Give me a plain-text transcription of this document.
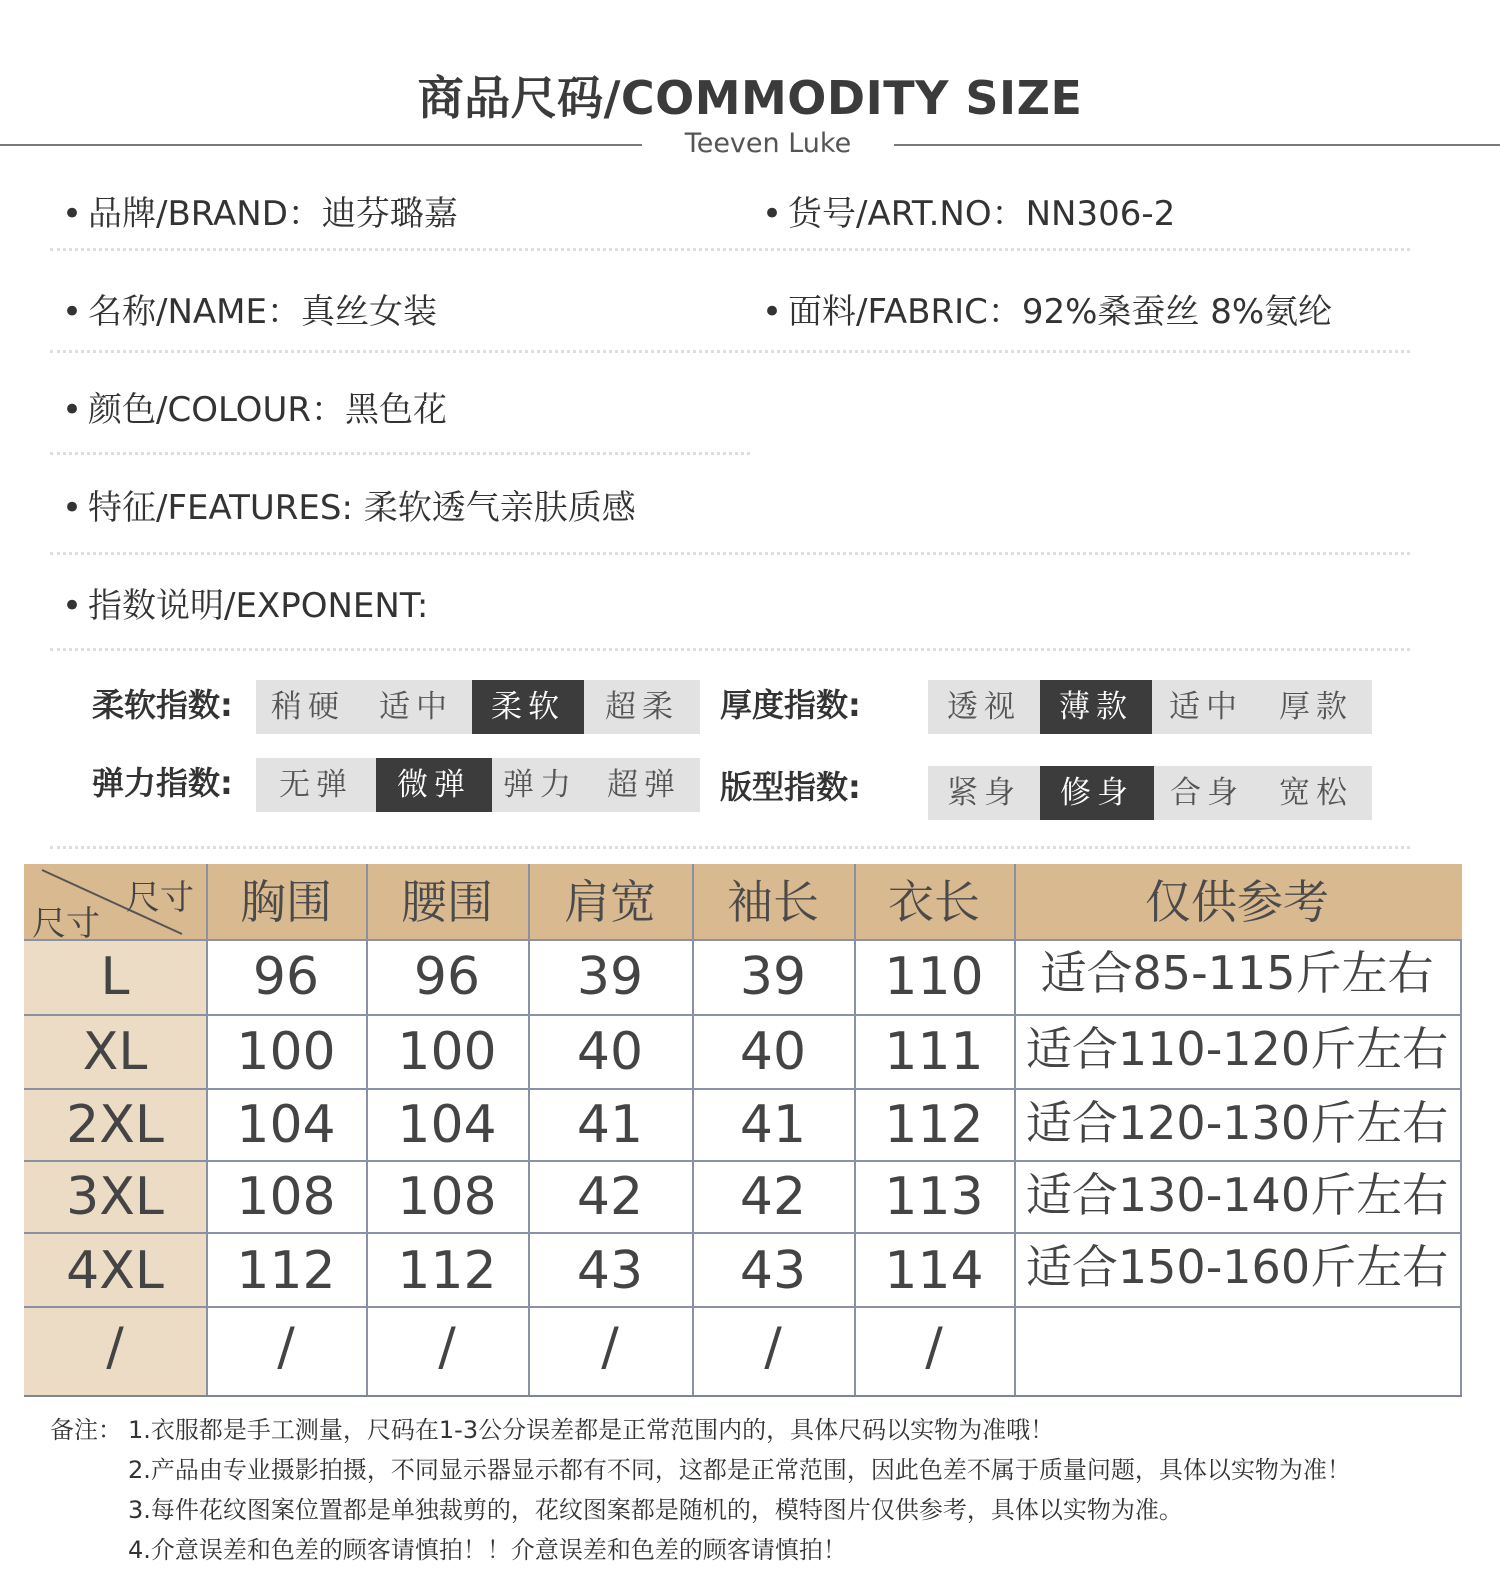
商品尺码/COMMODITY SIZE
Teeven Luke
• 品牌/BRAND：迪芬璐嘉	• 货号/ART.NO：NN306-2
• 名称/NAME：真丝女装	• 面料/FABRIC：92%桑蚕丝 8%氨纶
• 颜色/COLOUR：黑色花
• 特征/FEATURES: 柔软透气亲肤质感
• 指数说明/EXPONENT:
柔软指数:	稍硬	适中	柔软	超柔	厚度指数:	透视	薄款	适中	厚款
弹力指数:	无弹	微弹	弹力 超弹	版型指数:	紧身	修身	合身	宽松
尺寸
尺寸	胸围	腰围	肩宽	袖长	衣长	仅供参考
L	96	96	39	39	110	适合85-115斤左右
XL	100	100	40	40	111 适合110-120斤左右
2XL	104	104	41	41	112 适合120-130斤左右
3XL	108	108	42	42	113 适合130-140斤左右
4XL	112	112	43	43	114 适合150-160斤左右
/	/	/	/	/	/
备注： 1.衣服都是手工测量，尺码在1-3公分误差都是正常范围内的，具体尺码以实物为准哦！
2.产品由专业摄影拍摄，不同显示器显示都有不同，这都是正常范围，因此色差不属于质量问题，具体以实物为准！
3.每件花纹图案位置都是单独裁剪的，花纹图案都是随机的，模特图片仅供参考，具体以实物为准。
4.介意误差和色差的顾客请慎拍！！介意误差和色差的顾客请慎拍！
